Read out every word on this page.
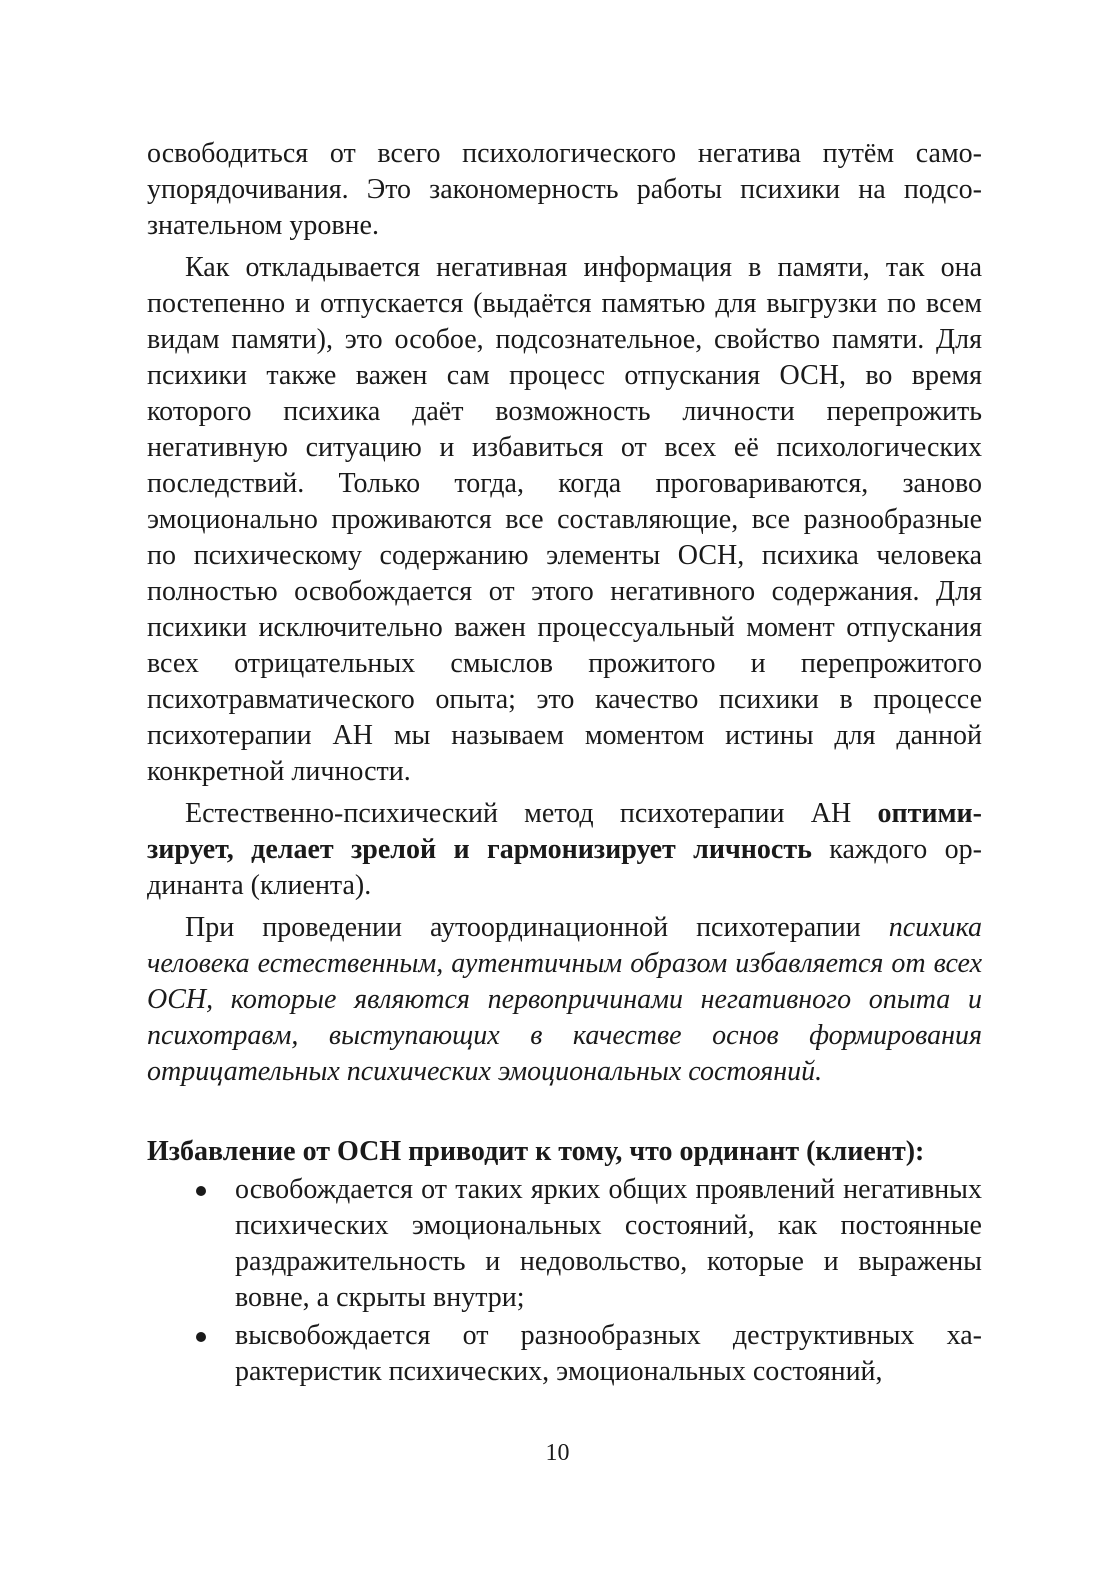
освободиться от всего психологического негатива путём самоупорядочивания. Это закономерность работы психики на подсознательном уровне.

Как откладывается негативная информация в памяти, так она постепенно и отпускается (выдаётся памятью для выгрузки по всем видам памяти), это особое, подсознательное, свойство памяти. Для психики также важен сам процесс отпускания ОСН, во время которого психика даёт возможность личности перепрожить негативную ситуацию и избавиться от всех её психологических последствий. Только тогда, когда проговариваются, заново эмоционально проживаются все составляющие, все разнообразные по психическому содержанию элементы ОСН, психика человека полностью освобождается от этого негативного содержания. Для психики исключительно важен процессуальный момент отпускания всех отрицательных смыслов прожитого и перепрожитого психотравматического опыта; это качество психики в процессе психотерапии АН мы называем моментом истины для данной конкретной личности.

Естественно-психический метод психотерапии АН оптимизирует, делает зрелой и гармонизирует личность каждого ординанта (клиента).

При проведении аутоординационной психотерапии психика человека естественным, аутентичным образом избавляется от всех ОСН, которые являются первопричинами негативного опыта и психотравм, выступающих в качестве основ формирования отрицательных психических эмоциональных состояний.

Избавление от ОСН приводит к тому, что ординант (клиент):

освобождается от таких ярких общих проявлений негативных психических эмоциональных состояний, как постоянные раздражительность и недовольство, которые и выражены вовне, а скрыты внутри;
высвобождается от разнообразных деструктивных характеристик психических, эмоциональных состояний,
10
